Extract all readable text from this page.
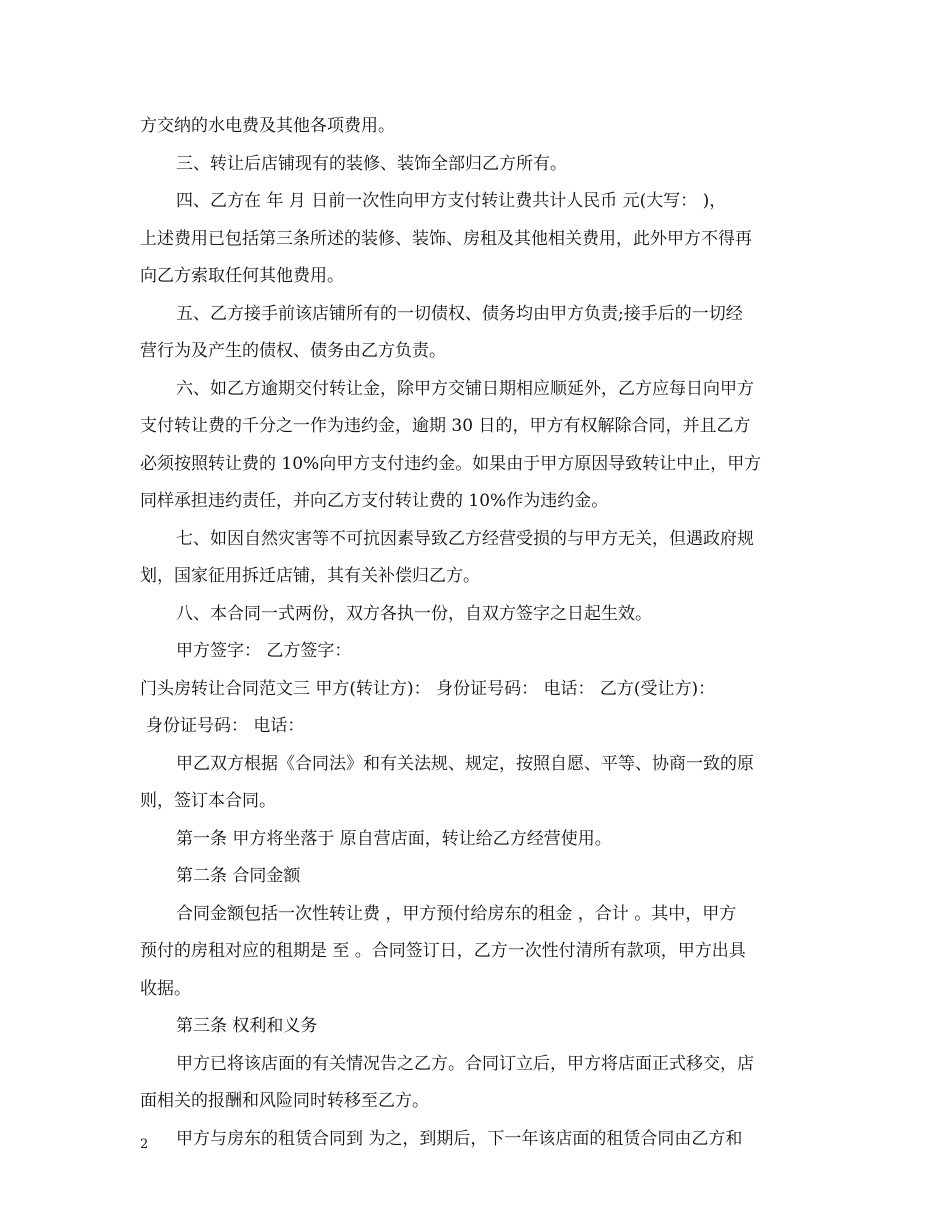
方交纳的水电费及其他各项费用。
三、转让后店铺现有的装修、装饰全部归乙方所有。
四、乙方在 年 月 日前一次性向甲方支付转让费共计人民币 元(大写： )，
上述费用已包括第三条所述的装修、装饰、房租及其他相关费用，此外甲方不得再
向乙方索取任何其他费用。
五、乙方接手前该店铺所有的一切债权、债务均由甲方负责;接手后的一切经
营行为及产生的债权、债务由乙方负责。
六、如乙方逾期交付转让金，除甲方交铺日期相应顺延外，乙方应每日向甲方
支付转让费的千分之一作为违约金，逾期 30 日的，甲方有权解除合同，并且乙方
必须按照转让费的 10%向甲方支付违约金。如果由于甲方原因导致转让中止，甲方
同样承担违约责任，并向乙方支付转让费的 10%作为违约金。
七、如因自然灾害等不可抗因素导致乙方经营受损的与甲方无关，但遇政府规
划，国家征用拆迁店铺，其有关补偿归乙方。
八、本合同一式两份，双方各执一份，自双方签字之日起生效。
甲方签字： 乙方签字：
门头房转让合同范文三 甲方(转让方)： 身份证号码： 电话： 乙方(受让方)：
身份证号码： 电话：
甲乙双方根据《合同法》和有关法规、规定，按照自愿、平等、协商一致的原
则，签订本合同。
第一条 甲方将坐落于 原自营店面，转让给乙方经营使用。
第二条 合同金额
合同金额包括一次性转让费 ，甲方预付给房东的租金 ，合计 。其中，甲方
预付的房租对应的租期是 至 。合同签订日，乙方一次性付清所有款项，甲方出具
收据。
第三条 权利和义务
甲方已将该店面的有关情况告之乙方。合同订立后，甲方将店面正式移交，店
面相关的报酬和风险同时转移至乙方。
甲方与房东的租赁合同到 为之，到期后，下一年该店面的租赁合同由乙方和
2
